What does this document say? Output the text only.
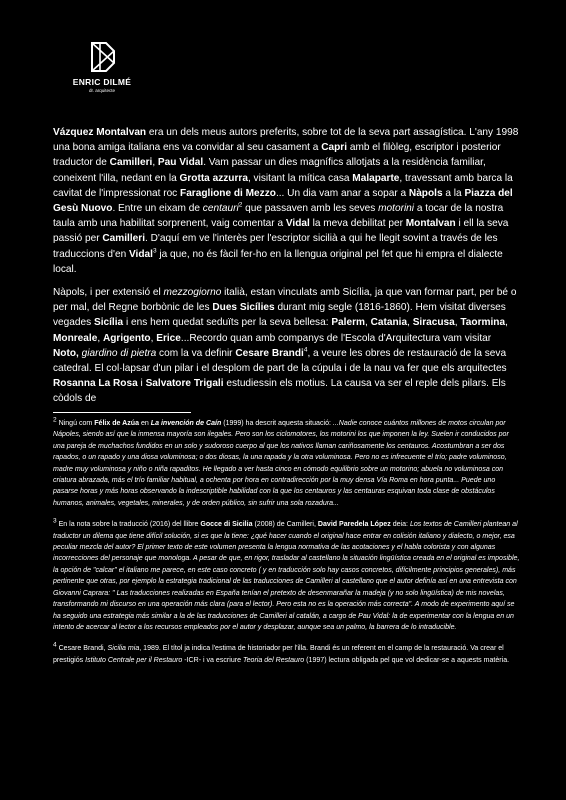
ENRIC DILMÉ
dr. arquitecte

Vázquez Montalvan era un dels meus autors preferits, sobre tot de la seva part assagística. L'any 1998 una bona amiga italiana ens va convidar al seu casament a Capri amb el filòleg, escriptor i posterior traductor de Camilleri, Pau Vidal. Vam passar un dies magnífics allotjats a la residència familiar, coneixent l'illa, nedant en la Grotta azzurra, visitant la mítica casa Malaparte, travessant amb barca la cavitat de l'impressionat roc Faraglione di Mezzo... Un dia vam anar a sopar a Nàpols a la Piazza del Gesù Nuovo. Entre un eixam de centauri$^2$ que passaven amb les seves motorini a tocar de la nostra taula amb una habilitat sorprenent, vaig comentar a Vidal la meva debilitat per Montalvan i ell la seva passió per Camilleri. D'aquí em ve l'interès per l'escriptor sicilià a qui he llegit sovint a través de les traduccions d'en Vidal$^3$ ja que, no és fàcil fer-ho en la llengua original pel fet que hi empra el dialecte local.

Nàpols, i per extensió el mezzogiorno italià, estan vinculats amb Sicília, ja que van formar part, per bé o per mal, del Regne borbònic de les Dues Sicílies durant mig segle (1816-1860). Hem visitat diverses vegades Sicília i ens hem quedat seduïts per la seva bellesa: Palerm, Catania, Siracusa, Taormina, Monreale, Agrigento, Erice...Recordo quan amb companys de l'Escola d'Arquitectura vam visitar Noto, giardino di pietra com la va definir Cesare Brandi$^4$, a veure les obres de restauració de la seva catedral. El col·lapsar d'un pilar i el desplom de part de la cúpula i de la nau va fer que els arquitectes Rosanna La Rosa i Salvatore Trigali estudiessin els motius. La causa va ser el reple dels pilars. Els còdols de

$^2$ Ningú com Félix de Azúa en La invención de Caín (1999) ha descrit aquesta situació: ...Nadie conoce cuántos millones de motos circulan por Nápoles, siendo así que la inmensa mayoría son ilegales. Pero son los ciclomotores, los motorini los que imponen la ley. Suelen ir conducidos por una pareja de muchachos fundidos en un solo y sudoroso cuerpo al que los nativos llaman cariñosamente los centauros. Acostumbran a ser dos rapados, o un rapado y una diosa voluminosa; o dos diosas, la una rapada y la otra voluminosa. Pero no es infrecuente el trío; padre voluminoso, madre muy voluminosa y niño o niña rapaditos. He llegado a ver hasta cinco en cómodo equilibrio sobre un motorino; abuela no voluminosa con criatura abrazada, más el trío familiar habitual, a ochenta por hora en contradirección por la muy densa Vía Roma en hora punta... Puede uno pasarse horas y más horas observando la indescriptible habilidad con la que los centauros y las centauras esquivan toda clase de obstáculos humanos, animales, vegetales, minerales, y de orden público, sin sufrir una sola rozadura...

$^3$ En la nota sobre la traducció (2016) del llibre Gocce di Sicilia (2008) de Camilleri, David Paredela López deia: Los textos de Camilleri plantean al traductor un dilema que tiene difícil solución, si es que la tiene: ¿qué hacer cuando el original hace entrar en colisión italiano y dialecto, o mejor, esa peculiar mezcla del autor? El primer texto de este volumen presenta la lengua normativa de las acotaciones y el habla colorista y con algunas incorrecciones del personaje que monologa. A pesar de que, en rigor, trasladar al castellano la situación lingüística creada en el original es imposible, la opción de "calcar" el italiano me parece, en este caso concreto ( y en traducción solo hay casos concretos, difícilmente principios generales), más pertinente que otras, por ejemplo la estrategia tradicional de las traducciones de Camilleri al castellano que el autor definía así en una entrevista con Giovanni Caprara: " Las traducciones realizadas en España tenían el pretexto de desenmarañar la madeja (y no solo lingüística) de mis novelas, transformando mi discurso en una operación más clara (para el lector). Pero esta no es la operación más correcta". A modo de experimento aquí se ha seguido una estrategia más similar a la de las traducciones de Camilleri al catalán, a cargo de Pau Vidal: la de experimentar con la lengua en un intento de acercar al lector a los recursos empleados por el autor y desplazar, aunque sea un palmo, la barrera de lo intraducible.

$^4$ Cesare Brandi, Sicilia mia, 1989. El títol ja indica l'estima de historiador per l'illa. Brandi és un referent en el camp de la restauració. Va crear el prestigiós Istituto Centrale per il Restauro -ICR- i va escriure Teoria del Restauro (1997) lectura obligada pel que vol dedicar-se a aquests matèria.
